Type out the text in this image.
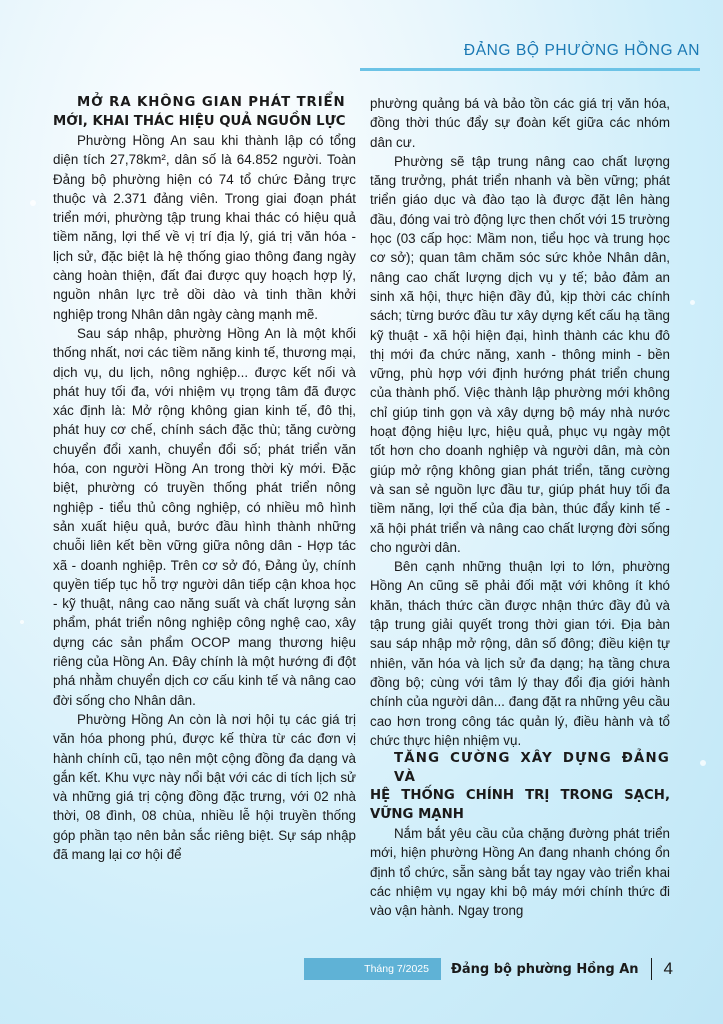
ĐẢNG BỘ PHƯỜNG HỒNG AN
MỞ RA KHÔNG GIAN PHÁT TRIỂN
MỚI, KHAI THÁC HIỆU QUẢ NGUỒN LỰC

Phường Hồng An sau khi thành lập có tổng diện tích 27,78km², dân số là 64.852 người. Toàn Đảng bộ phường hiện có 74 tổ chức Đảng trực thuộc và 2.371 đảng viên. Trong giai đoạn phát triển mới, phường tập trung khai thác có hiệu quả tiềm năng, lợi thế về vị trí địa lý, giá trị văn hóa - lịch sử, đặc biệt là hệ thống giao thông đang ngày càng hoàn thiện, đất đai được quy hoạch hợp lý, nguồn nhân lực trẻ dồi dào và tinh thần khởi nghiệp trong Nhân dân ngày càng mạnh mẽ.

Sau sáp nhập, phường Hồng An là một khối thống nhất, nơi các tiềm năng kinh tế, thương mại, dịch vụ, du lịch, nông nghiệp... được kết nối và phát huy tối đa, với nhiệm vụ trọng tâm đã được xác định là: Mở rộng không gian kinh tế, đô thị, phát huy cơ chế, chính sách đặc thù; tăng cường chuyển đổi xanh, chuyển đổi số; phát triển văn hóa, con người Hồng An trong thời kỳ mới. Đặc biệt, phường có truyền thống phát triển nông nghiệp - tiểu thủ công nghiệp, có nhiều mô hình sản xuất hiệu quả, bước đầu hình thành những chuỗi liên kết bền vững giữa nông dân - Hợp tác xã - doanh nghiệp. Trên cơ sở đó, Đảng ủy, chính quyền tiếp tục hỗ trợ người dân tiếp cận khoa học - kỹ thuật, nâng cao năng suất và chất lượng sản phẩm, phát triển nông nghiệp công nghệ cao, xây dựng các sản phẩm OCOP mang thương hiệu riêng của Hồng An. Đây chính là một hướng đi đột phá nhằm chuyển dịch cơ cấu kinh tế và nâng cao đời sống cho Nhân dân.

Phường Hồng An còn là nơi hội tụ các giá trị văn hóa phong phú, được kế thừa từ các đơn vị hành chính cũ, tạo nên một cộng đồng đa dạng và gắn kết. Khu vực này nổi bật với các di tích lịch sử và những giá trị cộng đồng đặc trưng, với 02 nhà thời, 08 đình, 08 chùa, nhiều lễ hội truyền thống góp phần tạo nên bản sắc riêng biệt. Sự sáp nhập đã mang lại cơ hội để

phường quảng bá và bảo tồn các giá trị văn hóa, đồng thời thúc đẩy sự đoàn kết giữa các nhóm dân cư.

Phường sẽ tập trung nâng cao chất lượng tăng trưởng, phát triển nhanh và bền vững; phát triển giáo dục và đào tạo là được đặt lên hàng đầu, đóng vai trò động lực then chốt với 15 trường học (03 cấp học: Mầm non, tiểu học và trung học cơ sở); quan tâm chăm sóc sức khỏe Nhân dân, nâng cao chất lượng dịch vụ y tế; bảo đảm an sinh xã hội, thực hiện đầy đủ, kịp thời các chính sách; từng bước đầu tư xây dựng kết cấu hạ tầng kỹ thuật - xã hội hiện đại, hình thành các khu đô thị mới đa chức năng, xanh - thông minh - bền vững, phù hợp với định hướng phát triển chung của thành phố. Việc thành lập phường mới không chỉ giúp tinh gọn và xây dựng bộ máy nhà nước hoạt động hiệu lực, hiệu quả, phục vụ ngày một tốt hơn cho doanh nghiệp và người dân, mà còn giúp mở rộng không gian phát triển, tăng cường và san sẻ nguồn lực đầu tư, giúp phát huy tối đa tiềm năng, lợi thế của địa bàn, thúc đẩy kinh tế - xã hội phát triển và nâng cao chất lượng đời sống cho người dân.

Bên cạnh những thuận lợi to lớn, phường Hồng An cũng sẽ phải đối mặt với không ít khó khăn, thách thức cần được nhận thức đầy đủ và tập trung giải quyết trong thời gian tới. Địa bàn sau sáp nhập mở rộng, dân số đông; điều kiện tự nhiên, văn hóa và lịch sử đa dạng; hạ tầng chưa đồng bộ; cùng với tâm lý thay đổi địa giới hành chính của người dân... đang đặt ra những yêu cầu cao hơn trong công tác quản lý, điều hành và tổ chức thực hiện nhiệm vụ.

TĂNG CƯỜNG XÂY DỰNG ĐẢNG VÀ
HỆ THỐNG CHÍNH TRỊ TRONG SẠCH, VỮNG MẠNH

Nắm bắt yêu cầu của chặng đường phát triển mới, hiện phường Hồng An đang nhanh chóng ổn định tổ chức, sẵn sàng bắt tay ngay vào triển khai các nhiệm vụ ngay khi bộ máy mới chính thức đi vào vận hành. Ngay trong

Tháng 7/2025	Đảng bộ phường Hồng An 4
